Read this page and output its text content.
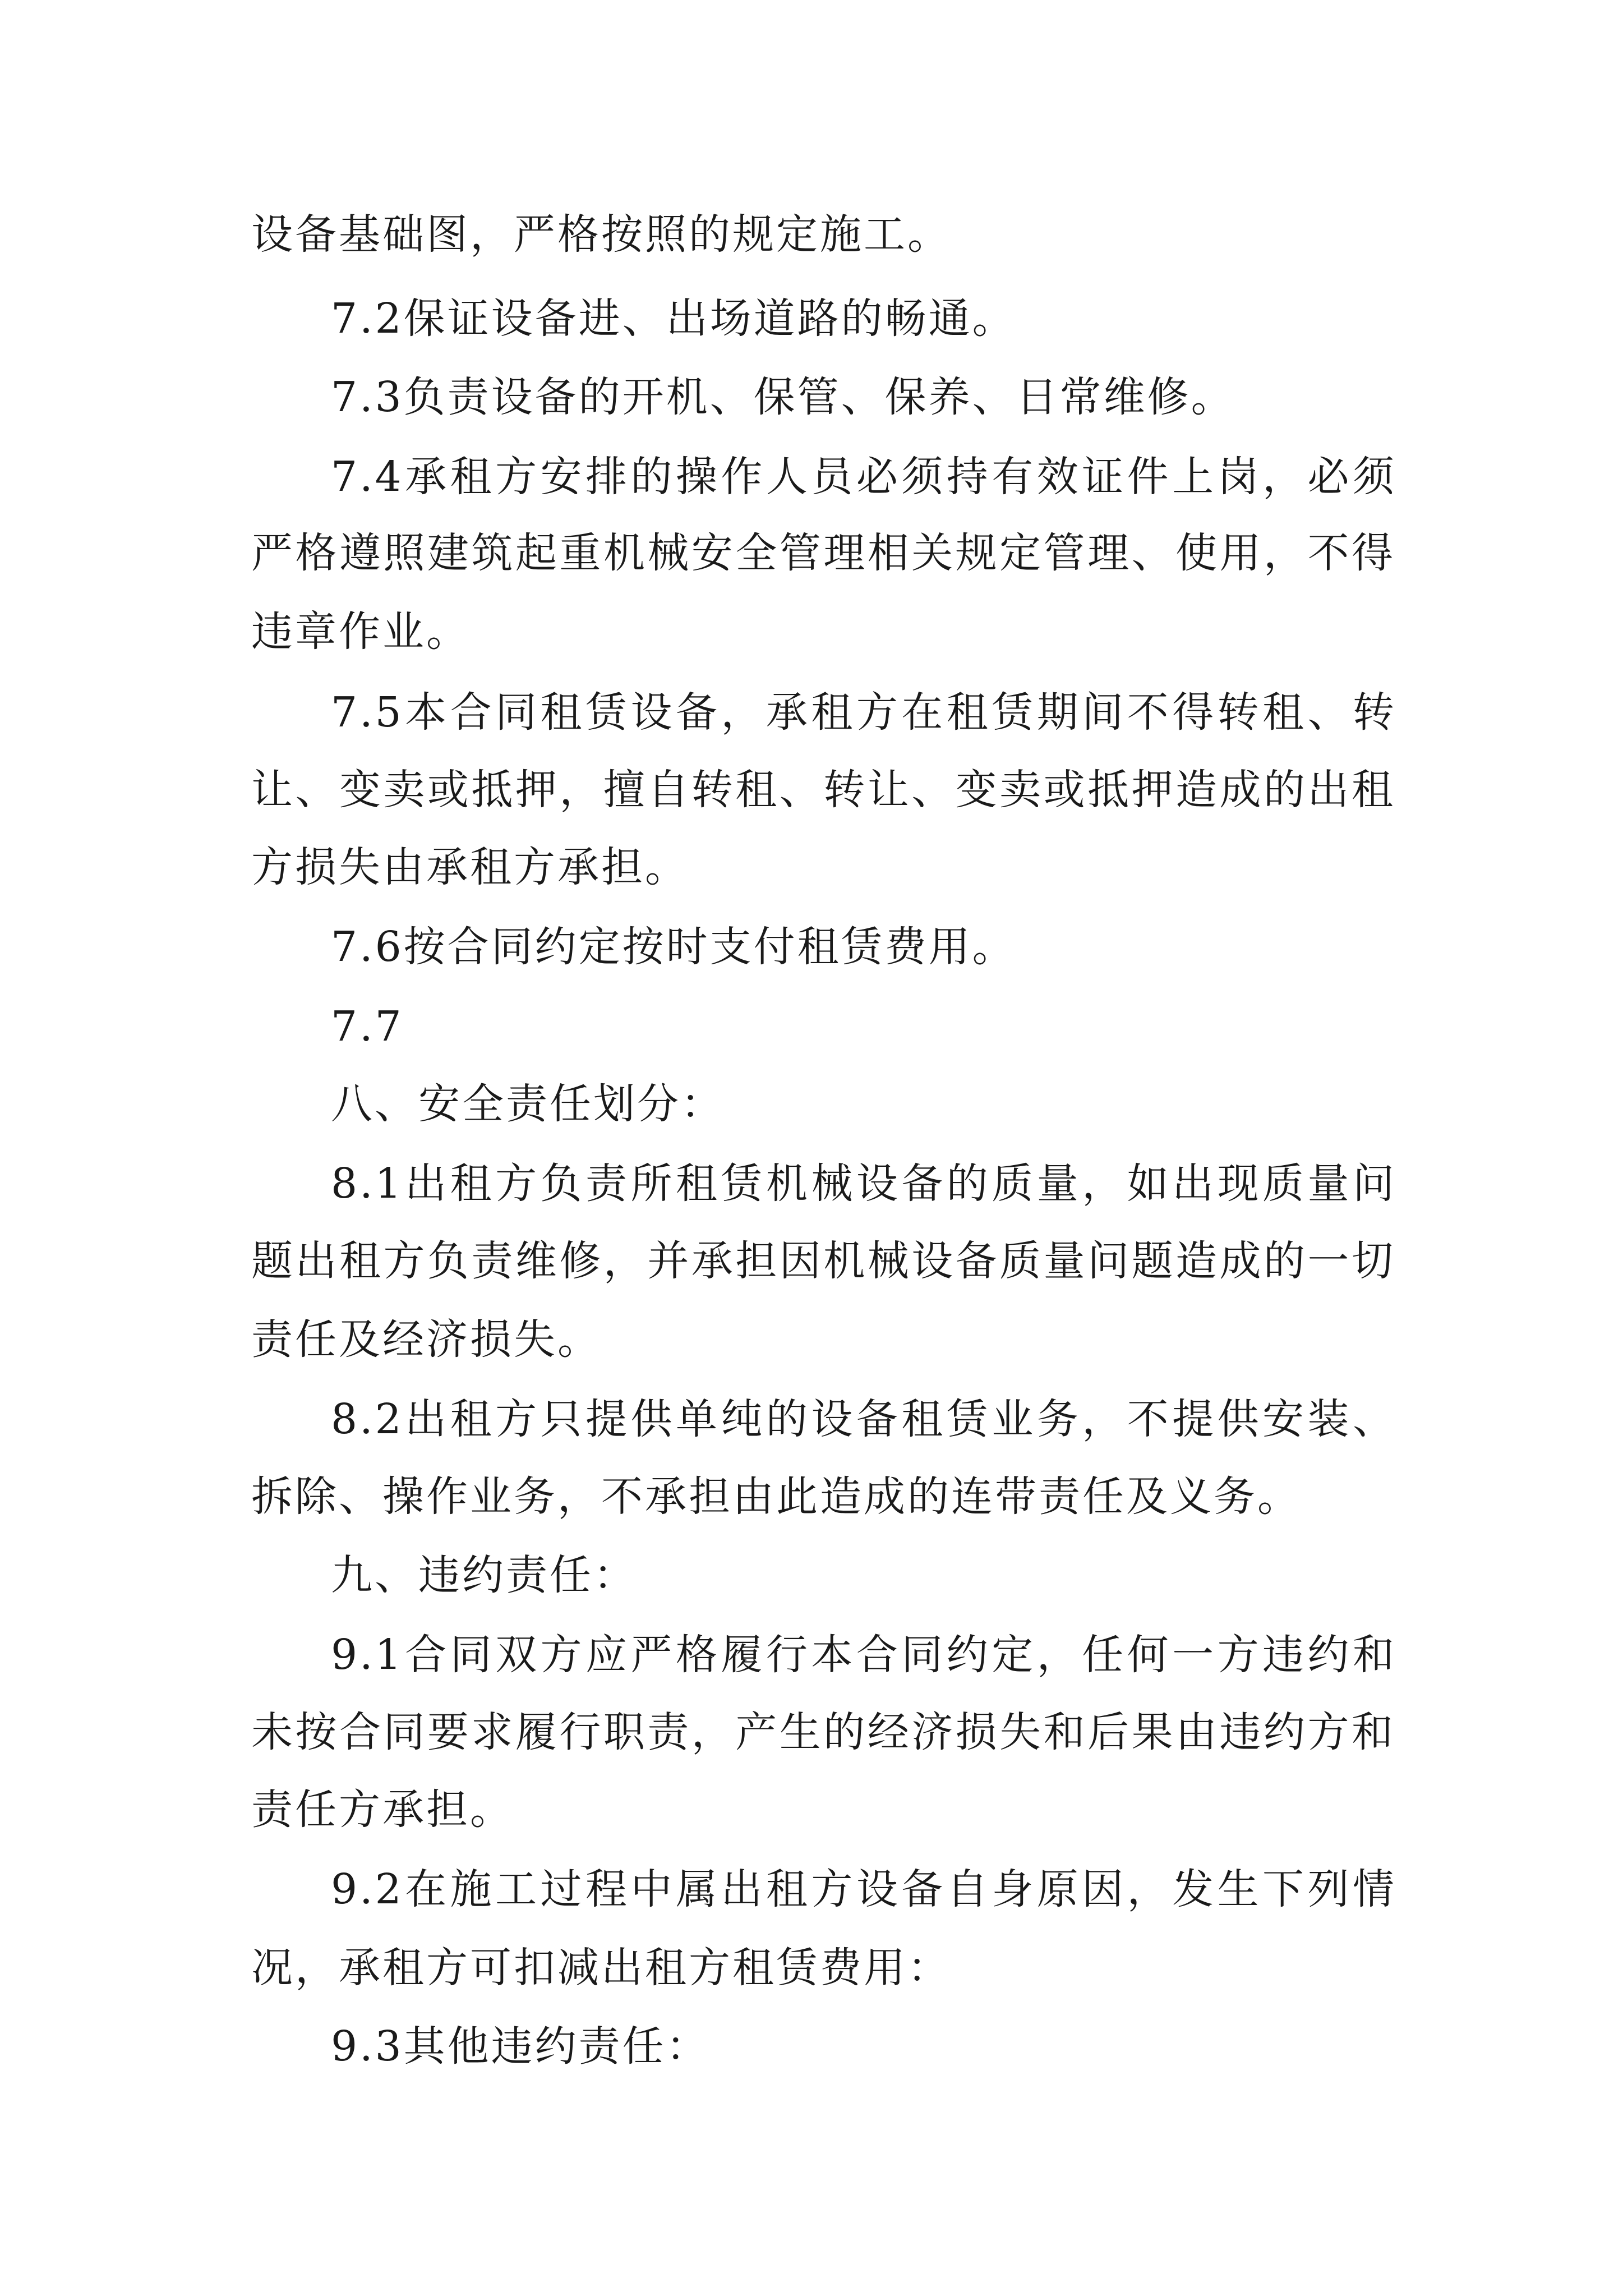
设备基础图，严格按照的规定施工。
7.2保证设备进、出场道路的畅通。
7.3负责设备的开机、保管、保养、日常维修。
7.4承租方安排的操作人员必须持有效证件上岗，必须
严格遵照建筑起重机械安全管理相关规定管理、使用，不得
违章作业。
7.5本合同租赁设备，承租方在租赁期间不得转租、转
让、变卖或抵押，擅自转租、转让、变卖或抵押造成的出租
方损失由承租方承担。
7.6按合同约定按时支付租赁费用。
7.7
八、安全责任划分：
8.1出租方负责所租赁机械设备的质量，如出现质量问
题出租方负责维修，并承担因机械设备质量问题造成的一切
责任及经济损失。
8.2出租方只提供单纯的设备租赁业务，不提供安装、
拆除、操作业务，不承担由此造成的连带责任及义务。
九、违约责任：
9.1合同双方应严格履行本合同约定，任何一方违约和
未按合同要求履行职责，产生的经济损失和后果由违约方和
责任方承担。
9.2在施工过程中属出租方设备自身原因，发生下列情
况，承租方可扣减出租方租赁费用：
9.3其他违约责任：
